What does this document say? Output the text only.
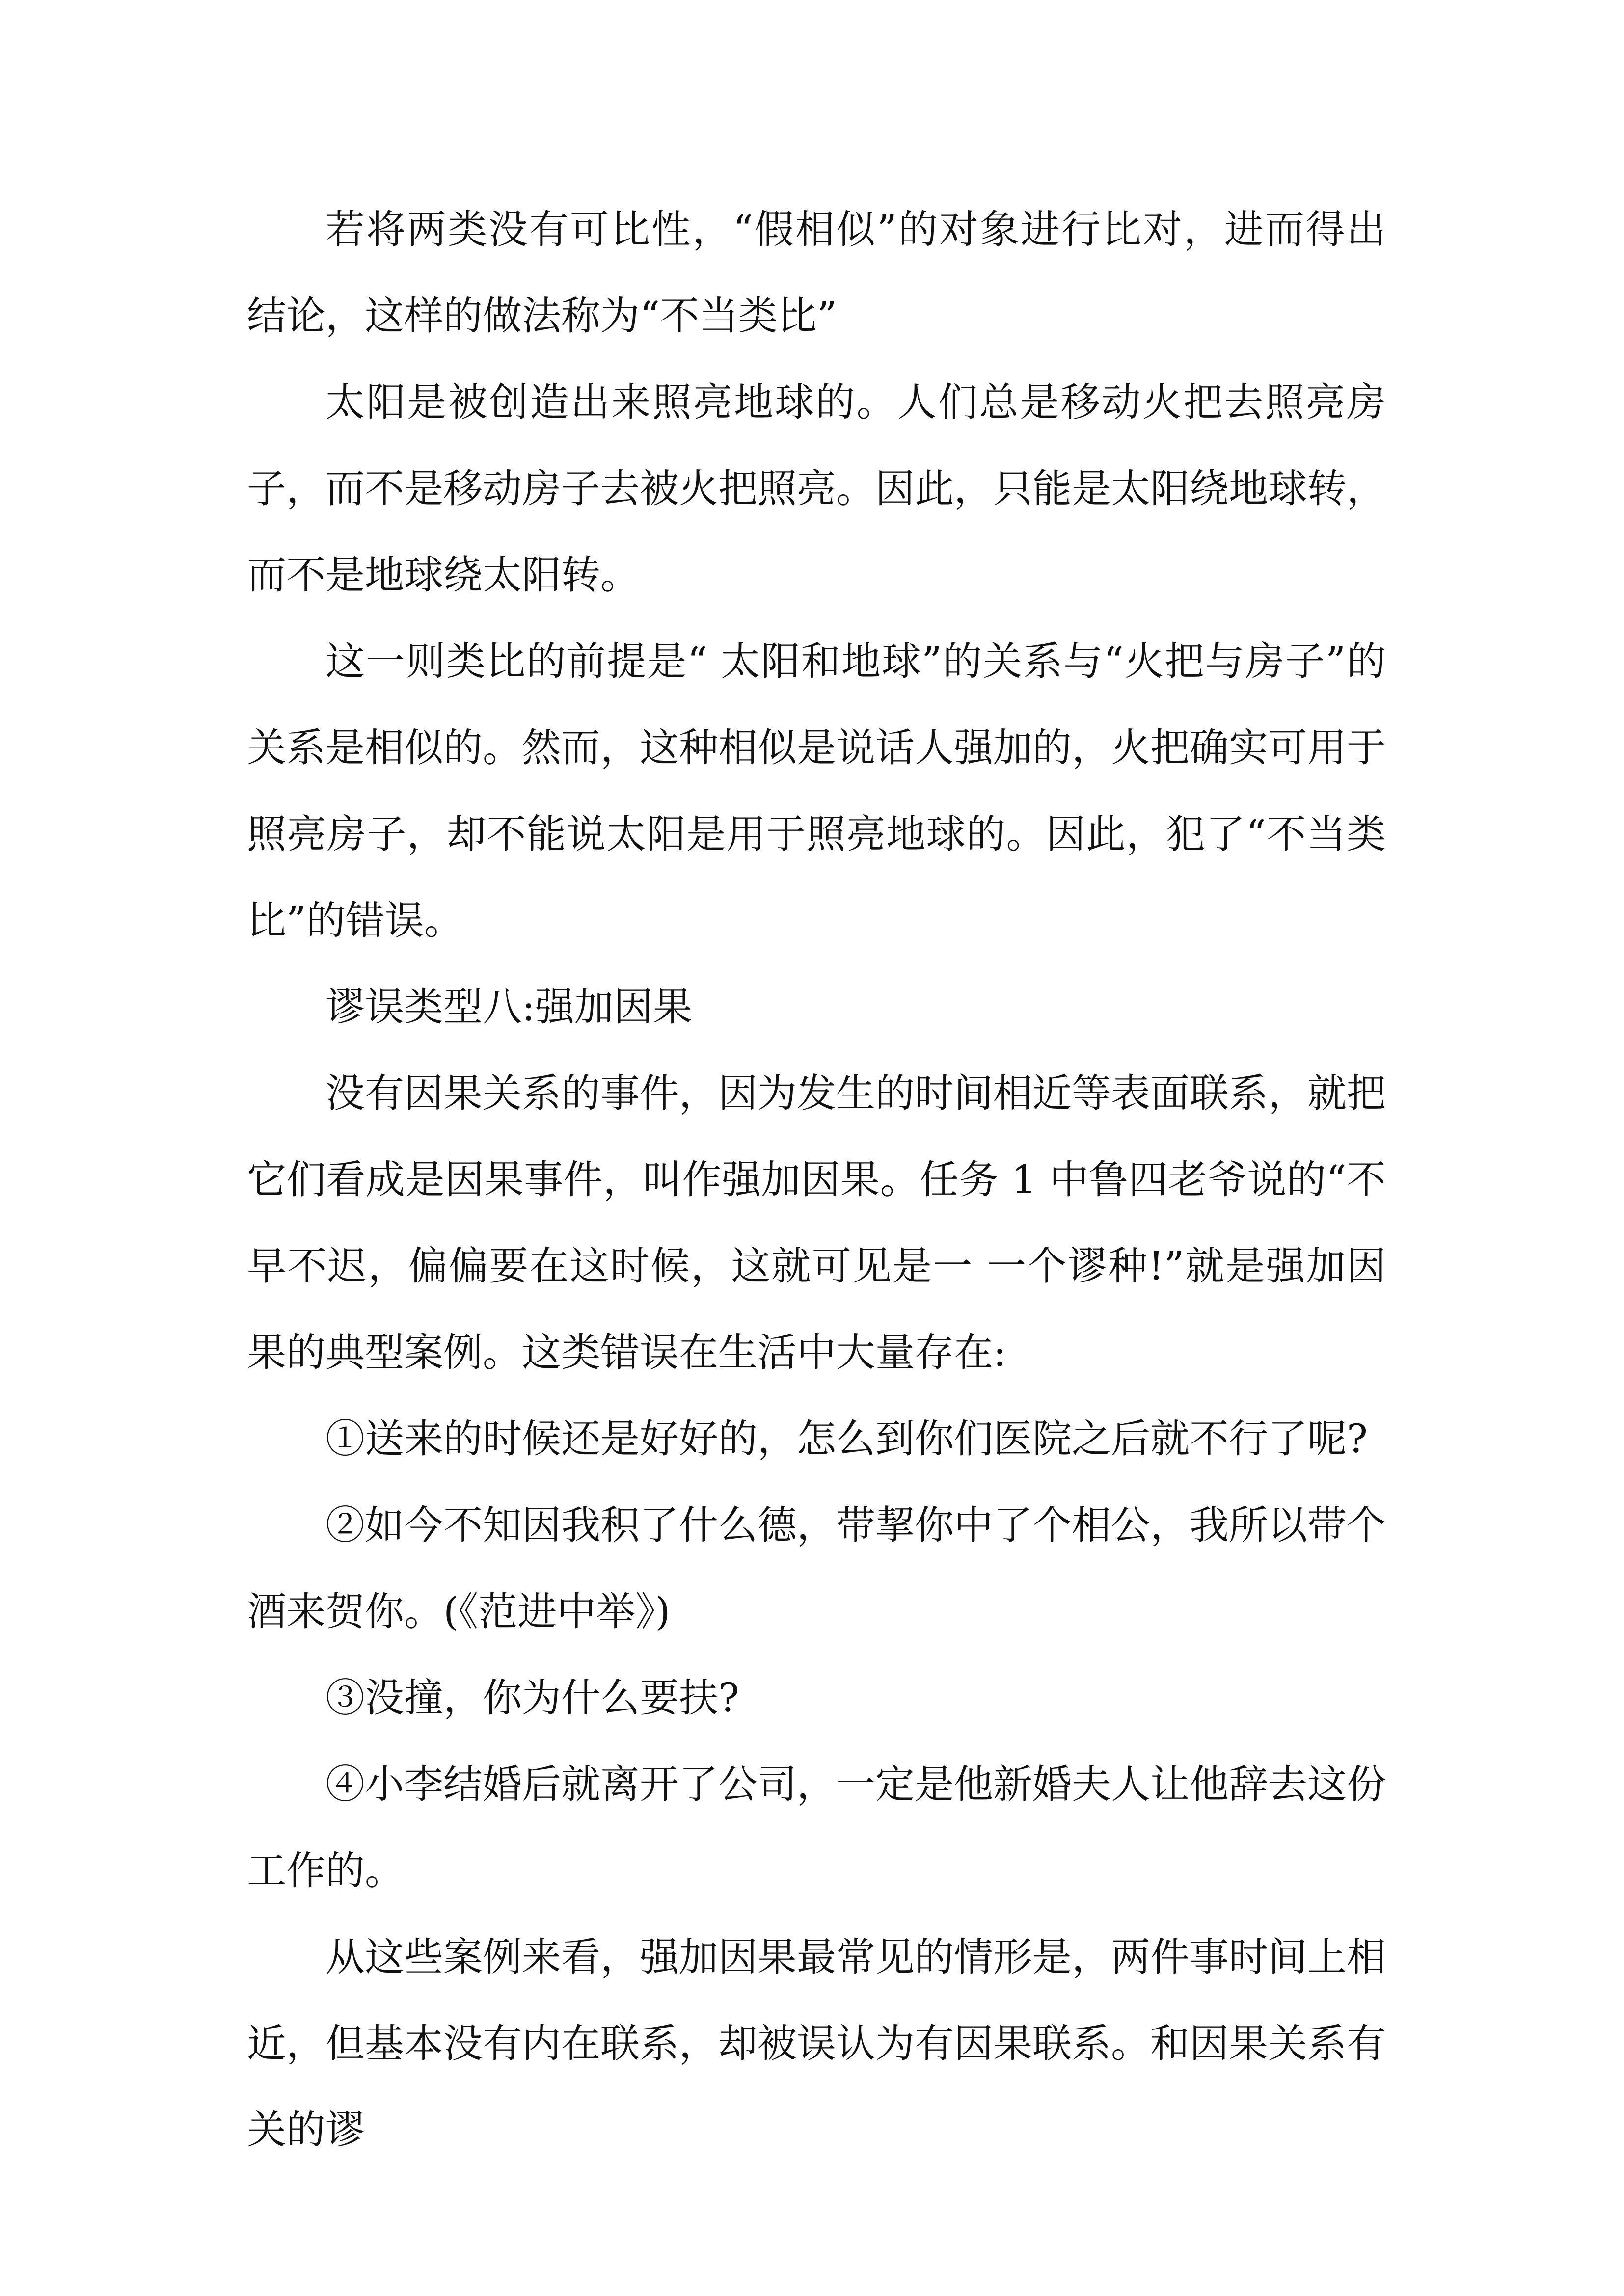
若将两类没有可比性，“假相似”的对象进行比对，进而得出结论，这样的做法称为“不当类比”

太阳是被创造出来照亮地球的。人们总是移动火把去照亮房子，而不是移动房子去被火把照亮。因此，只能是太阳绕地球转，而不是地球绕太阳转。

这一则类比的前提是“ 太阳和地球”的关系与“火把与房子”的关系是相似的。然而，这种相似是说话人强加的，火把确实可用于照亮房子，却不能说太阳是用于照亮地球的。因此，犯了“不当类比”的错误。

谬误类型八:强加因果

没有因果关系的事件，因为发生的时间相近等表面联系，就把它们看成是因果事件，叫作强加因果。任务 1 中鲁四老爷说的“不早不迟，偏偏要在这时候，这就可见是一 一个谬种!”就是强加因果的典型案例。这类错误在生活中大量存在:

①送来的时候还是好好的，怎么到你们医院之后就不行了呢?

②如今不知因我积了什么德，带挈你中了个相公，我所以带个酒来贺你。(《范进中举》)

③没撞，你为什么要扶?

④小李结婚后就离开了公司，一定是他新婚夫人让他辞去这份工作的。

从这些案例来看，强加因果最常见的情形是，两件事时间上相近，但基本没有内在联系，却被误认为有因果联系。和因果关系有关的谬
